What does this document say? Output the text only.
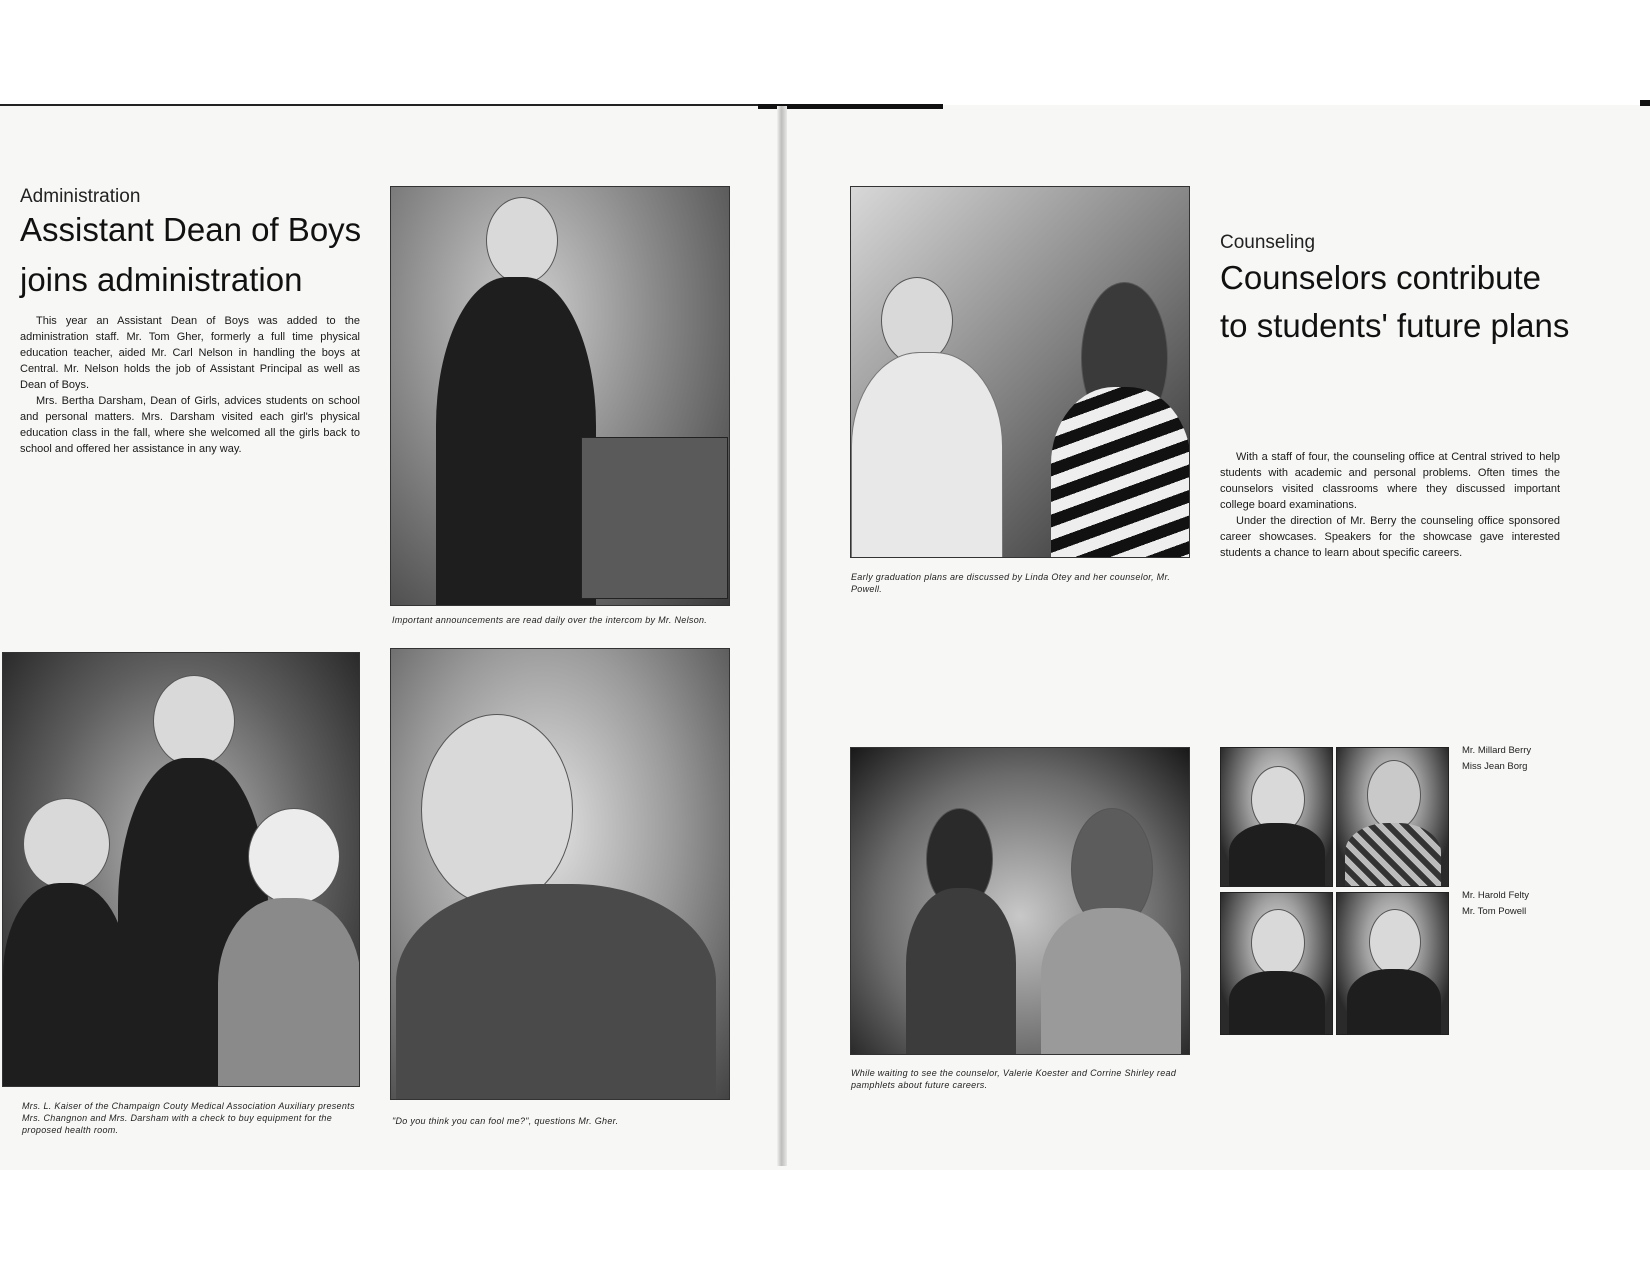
Administration
Assistant Dean of Boys
joins administration

This year an Assistant Dean of Boys was added to the administration staff. Mr. Tom Gher, formerly a full time physical education teacher, aided Mr. Carl Nelson in handling the boys at Central. Mr. Nelson holds the job of Assistant Principal as well as Dean of Boys.

Mrs. Bertha Darsham, Dean of Girls, advices students on school and personal matters. Mrs. Darsham visited each girl's physical education class in the fall, where she welcomed all the girls back to school and offered her assistance in any way.

Important announcements are read daily over the intercom by Mr. Nelson.
Mrs. L. Kaiser of the Champaign Couty Medical Association Auxiliary presents Mrs. Changnon and Mrs. Darsham with a check to buy equipment for the proposed health room.
"Do you think you can fool me?", questions Mr. Gher.
Early graduation plans are discussed by Linda Otey and her counselor, Mr. Powell.
Counseling
Counselors contribute
to students' future plans

With a staff of four, the counseling office at Central strived to help students with academic and personal problems. Often times the counselors visited classrooms where they discussed important college board examinations.

Under the direction of Mr. Berry the counseling office sponsored career showcases. Speakers for the showcase gave interested students a chance to learn about specific careers.

While waiting to see the counselor, Valerie Koester and Corrine Shirley read pamphlets about future careers.
Mr. Millard Berry
Miss Jean Borg
Mr. Harold Felty
Mr. Tom Powell
